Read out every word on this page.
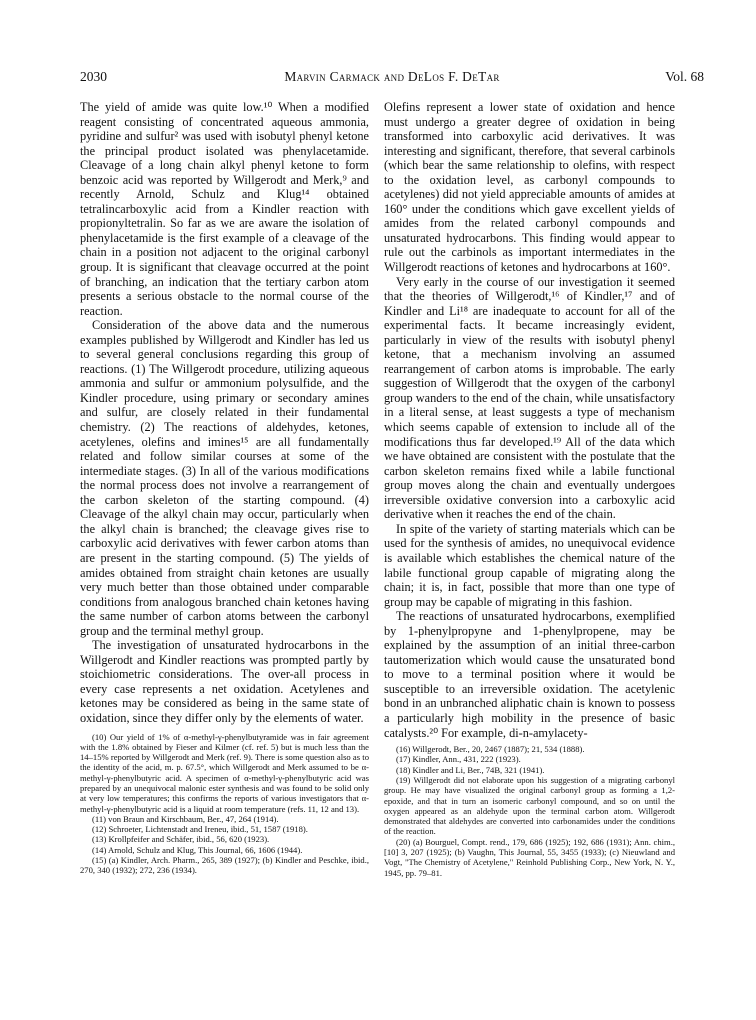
2030	Marvin Carmack and DeLos F. DeTar	Vol. 68

The yield of amide was quite low.¹⁰ When a modified reagent consisting of concentrated aqueous ammonia, pyridine and sulfur² was used with isobutyl phenyl ketone the principal product isolated was phenylacetamide. Cleavage of a long chain alkyl phenyl ketone to form benzoic acid was reported by Willgerodt and Merk,⁹ and recently Arnold, Schulz and Klug¹⁴ obtained tetralincarboxylic acid from a Kindler reaction with propionyltetralin. So far as we are aware the isolation of phenylacetamide is the first example of a cleavage of the chain in a position not adjacent to the original carbonyl group. It is significant that cleavage occurred at the point of branching, an indication that the tertiary carbon atom presents a serious obstacle to the normal course of the reaction.

Consideration of the above data and the numerous examples published by Willgerodt and Kindler has led us to several general conclusions regarding this group of reactions. (1) The Willgerodt procedure, utilizing aqueous ammonia and sulfur or ammonium polysulfide, and the Kindler procedure, using primary or secondary amines and sulfur, are closely related in their fundamental chemistry. (2) The reactions of aldehydes, ketones, acetylenes, olefins and imines¹⁵ are all fundamentally related and follow similar courses at some of the intermediate stages. (3) In all of the various modifications the normal process does not involve a rearrangement of the carbon skeleton of the starting compound. (4) Cleavage of the alkyl chain may occur, particularly when the alkyl chain is branched; the cleavage gives rise to carboxylic acid derivatives with fewer carbon atoms than are present in the starting compound. (5) The yields of amides obtained from straight chain ketones are usually very much better than those obtained under comparable conditions from analogous branched chain ketones having the same number of carbon atoms between the carbonyl group and the terminal methyl group.

The investigation of unsaturated hydrocarbons in the Willgerodt and Kindler reactions was prompted partly by stoichiometric considerations. The over-all process in every case represents a net oxidation. Acetylenes and ketones may be considered as being in the same state of oxidation, since they differ only by the elements of water.

(10) Our yield of 1% of α-methyl-γ-phenylbutyramide was in fair agreement with the 1.8% obtained by Fieser and Kilmer (cf. ref. 5) but is much less than the 14–15% reported by Willgerodt and Merk (ref. 9). There is some question also as to the identity of the acid, m. p. 67.5°, which Willgerodt and Merk assumed to be α-methyl-γ-phenylbutyric acid. A specimen of α-methyl-γ-phenylbutyric acid was prepared by an unequivocal malonic ester synthesis and was found to be solid only at very low temperatures; this confirms the reports of various investigators that α-methyl-γ-phenylbutyric acid is a liquid at room temperature (refs. 11, 12 and 13).

(11) von Braun and Kirschbaum, Ber., 47, 264 (1914).

(12) Schroeter, Lichtenstadt and Ireneu, ibid., 51, 1587 (1918).

(13) Krollpfeifer and Schäfer, ibid., 56, 620 (1923).

(14) Arnold, Schulz and Klug, This Journal, 66, 1606 (1944).

(15) (a) Kindler, Arch. Pharm., 265, 389 (1927); (b) Kindler and Peschke, ibid., 270, 340 (1932); 272, 236 (1934).

Olefins represent a lower state of oxidation and hence must undergo a greater degree of oxidation in being transformed into carboxylic acid derivatives. It was interesting and significant, therefore, that several carbinols (which bear the same relationship to olefins, with respect to the oxidation level, as carbonyl compounds to acetylenes) did not yield appreciable amounts of amides at 160° under the conditions which gave excellent yields of amides from the related carbonyl compounds and unsaturated hydrocarbons. This finding would appear to rule out the carbinols as important intermediates in the Willgerodt reactions of ketones and hydrocarbons at 160°.

Very early in the course of our investigation it seemed that the theories of Willgerodt,¹⁶ of Kindler,¹⁷ and of Kindler and Li¹⁸ are inadequate to account for all of the experimental facts. It became increasingly evident, particularly in view of the results with isobutyl phenyl ketone, that a mechanism involving an assumed rearrangement of carbon atoms is improbable. The early suggestion of Willgerodt that the oxygen of the carbonyl group wanders to the end of the chain, while unsatisfactory in a literal sense, at least suggests a type of mechanism which seems capable of extension to include all of the modifications thus far developed.¹⁹ All of the data which we have obtained are consistent with the postulate that the carbon skeleton remains fixed while a labile functional group moves along the chain and eventually undergoes irreversible oxidative conversion into a carboxylic acid derivative when it reaches the end of the chain.

In spite of the variety of starting materials which can be used for the synthesis of amides, no unequivocal evidence is available which establishes the chemical nature of the labile functional group capable of migrating along the chain; it is, in fact, possible that more than one type of group may be capable of migrating in this fashion.

The reactions of unsaturated hydrocarbons, exemplified by 1-phenylpropyne and 1-phenylpropene, may be explained by the assumption of an initial three-carbon tautomerization which would cause the unsaturated bond to move to a terminal position where it would be susceptible to an irreversible oxidation. The acetylenic bond in an unbranched aliphatic chain is known to possess a particularly high mobility in the presence of basic catalysts.²⁰ For example, di-n-amylacety-

(16) Willgerodt, Ber., 20, 2467 (1887); 21, 534 (1888).

(17) Kindler, Ann., 431, 222 (1923).

(18) Kindler and Li, Ber., 74B, 321 (1941).

(19) Willgerodt did not elaborate upon his suggestion of a migrating carbonyl group. He may have visualized the original carbonyl group as forming a 1,2-epoxide, and that in turn an isomeric carbonyl compound, and so on until the oxygen appeared as an aldehyde upon the terminal carbon atom. Willgerodt demonstrated that aldehydes are converted into carbonamides under the conditions of the reaction.

(20) (a) Bourguel, Compt. rend., 179, 686 (1925); 192, 686 (1931); Ann. chim., [10] 3, 207 (1925); (b) Vaughn, This Journal, 55, 3455 (1933); (c) Nieuwland and Vogt, "The Chemistry of Acetylene," Reinhold Publishing Corp., New York, N. Y., 1945, pp. 79–81.
